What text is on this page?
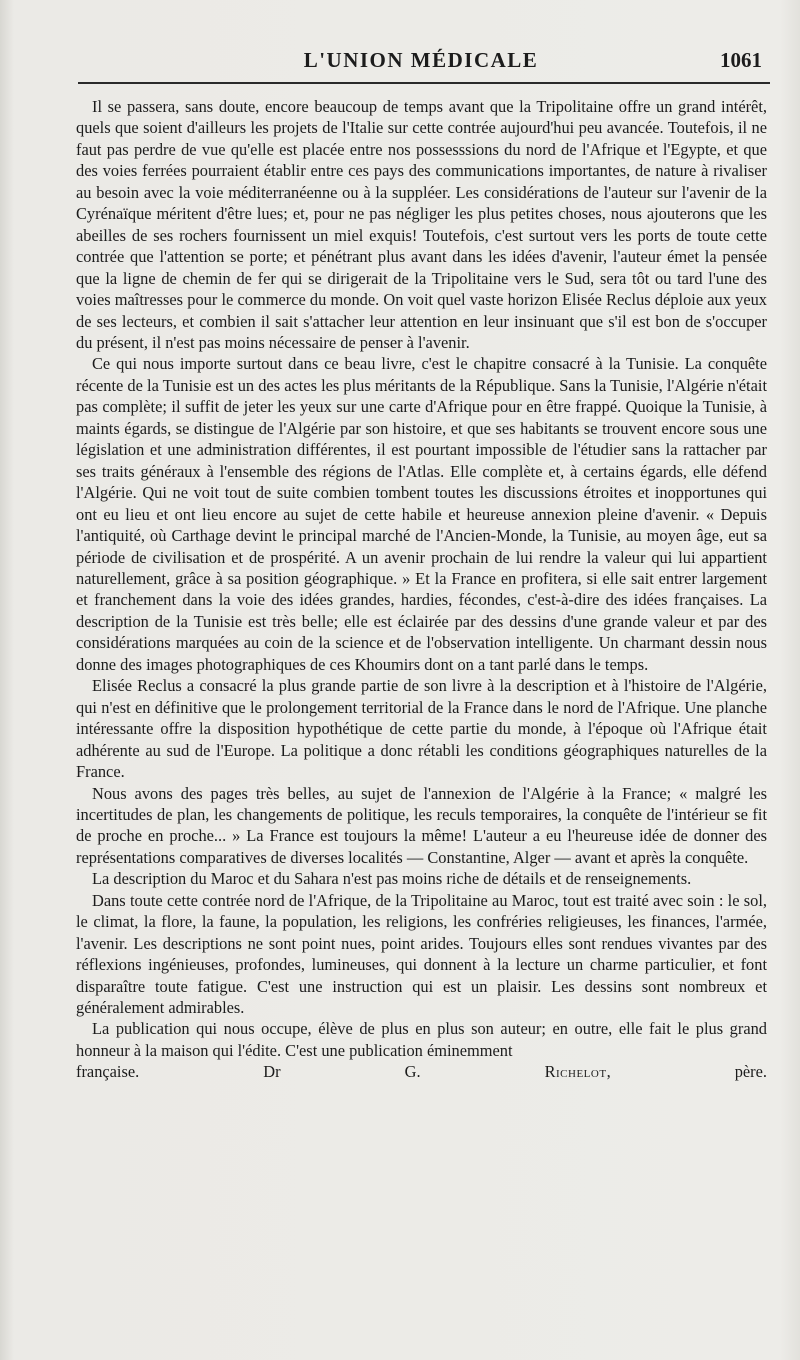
L'UNION MÉDICALE	1061

Il se passera, sans doute, encore beaucoup de temps avant que la Tripolitaine offre un grand intérêt, quels que soient d'ailleurs les projets de l'Italie sur cette contrée aujourd'hui peu avancée. Toutefois, il ne faut pas perdre de vue qu'elle est placée entre nos possesssions du nord de l'Afrique et l'Egypte, et que des voies ferrées pourraient établir entre ces pays des communications importantes, de nature à rivaliser au besoin avec la voie méditerranéenne ou à la suppléer. Les considérations de l'auteur sur l'avenir de la Cyrénaïque méritent d'être lues; et, pour ne pas négliger les plus petites choses, nous ajouterons que les abeilles de ses rochers fournissent un miel exquis! Toutefois, c'est surtout vers les ports de toute cette contrée que l'attention se porte; et pénétrant plus avant dans les idées d'avenir, l'auteur émet la pensée que la ligne de chemin de fer qui se dirigerait de la Tripolitaine vers le Sud, sera tôt ou tard l'une des voies maîtresses pour le commerce du monde. On voit quel vaste horizon Elisée Reclus déploie aux yeux de ses lecteurs, et combien il sait s'attacher leur attention en leur insinuant que s'il est bon de s'occuper du présent, il n'est pas moins nécessaire de penser à l'avenir.

Ce qui nous importe surtout dans ce beau livre, c'est le chapitre consacré à la Tunisie. La conquête récente de la Tunisie est un des actes les plus méritants de la République. Sans la Tunisie, l'Algérie n'était pas complète; il suffit de jeter les yeux sur une carte d'Afrique pour en être frappé. Quoique la Tunisie, à maints égards, se distingue de l'Algérie par son histoire, et que ses habitants se trouvent encore sous une législation et une administration différentes, il est pourtant impossible de l'étudier sans la rattacher par ses traits généraux à l'ensemble des régions de l'Atlas. Elle complète et, à certains égards, elle défend l'Algérie. Qui ne voit tout de suite combien tombent toutes les discussions étroites et inopportunes qui ont eu lieu et ont lieu encore au sujet de cette habile et heureuse annexion pleine d'avenir. « Depuis l'antiquité, où Carthage devint le principal marché de l'Ancien-Monde, la Tunisie, au moyen âge, eut sa période de civilisation et de prospérité. A un avenir prochain de lui rendre la valeur qui lui appartient naturellement, grâce à sa position géographique. » Et la France en profitera, si elle sait entrer largement et franchement dans la voie des idées grandes, hardies, fécondes, c'est-à-dire des idées françaises. La description de la Tunisie est très belle; elle est éclairée par des dessins d'une grande valeur et par des considérations marquées au coin de la science et de l'observation intelligente. Un charmant dessin nous donne des images photographiques de ces Khoumirs dont on a tant parlé dans le temps.

Elisée Reclus a consacré la plus grande partie de son livre à la description et à l'histoire de l'Algérie, qui n'est en définitive que le prolongement territorial de la France dans le nord de l'Afrique. Une planche intéressante offre la disposition hypothétique de cette partie du monde, à l'époque où l'Afrique était adhérente au sud de l'Europe. La politique a donc rétabli les conditions géographiques naturelles de la France.

Nous avons des pages très belles, au sujet de l'annexion de l'Algérie à la France; « malgré les incertitudes de plan, les changements de politique, les reculs temporaires, la conquête de l'intérieur se fit de proche en proche... » La France est toujours la même! L'auteur a eu l'heureuse idée de donner des représentations comparatives de diverses localités — Constantine, Alger — avant et après la conquête.

La description du Maroc et du Sahara n'est pas moins riche de détails et de renseignements.

Dans toute cette contrée nord de l'Afrique, de la Tripolitaine au Maroc, tout est traité avec soin : le sol, le climat, la flore, la faune, la population, les religions, les confréries religieuses, les finances, l'armée, l'avenir. Les descriptions ne sont point nues, point arides. Toujours elles sont rendues vivantes par des réflexions ingénieuses, profondes, lumineuses, qui donnent à la lecture un charme particulier, et font disparaître toute fatigue. C'est une instruction qui est un plaisir. Les dessins sont nombreux et généralement admirables.

La publication qui nous occupe, élève de plus en plus son auteur; en outre, elle fait le plus grand honneur à la maison qui l'édite. C'est une publication éminemment

française.	Dr G.	Richelot, père.
